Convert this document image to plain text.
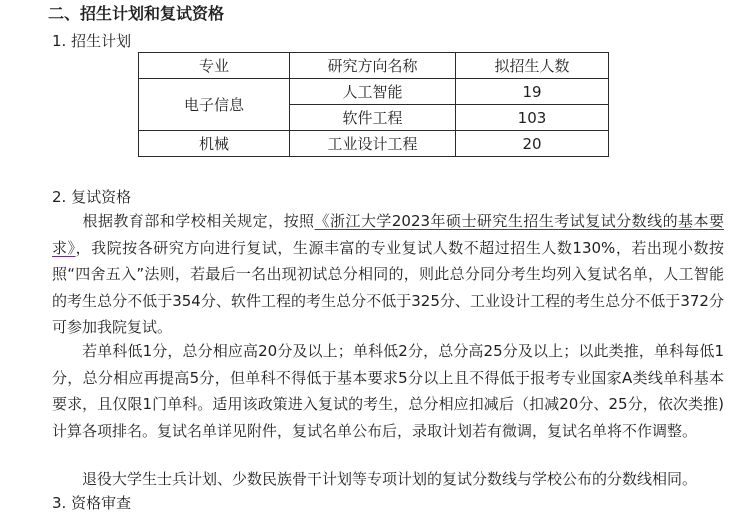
二、招生计划和复试资格
1. 招生计划
专业	研究方向名称	拟招生人数
电子信息	人工智能	19
	软件工程	103
机械	工业设计工程	20
2. 复试资格
根据教育部和学校相关规定，按照《浙江大学2023年硕士研究生招生考试复试分数线的基本要求》，我院按各研究方向进行复试，生源丰富的专业复试人数不超过招生人数130%，若出现小数按照“四舍五入”法则，若最后一名出现初试总分相同的，则此总分同分考生均列入复试名单，人工智能的考生总分不低于354分、软件工程的考生总分不低于325分、工业设计工程的考生总分不低于372分可参加我院复试。
若单科低1分，总分相应高20分及以上；单科低2分，总分高25分及以上；以此类推，单科每低1分，总分相应再提高5分，但单科不得低于基本要求5分以上且不得低于报考专业国家A类线单科基本要求，且仅限1门单科。适用该政策进入复试的考生，总分相应扣减后（扣减20分、25分，依次类推)计算各项排名。复试名单详见附件，复试名单公布后，录取计划若有微调，复试名单将不作调整。
退役大学生士兵计划、少数民族骨干计划等专项计划的复试分数线与学校公布的分数线相同。
3. 资格审查
